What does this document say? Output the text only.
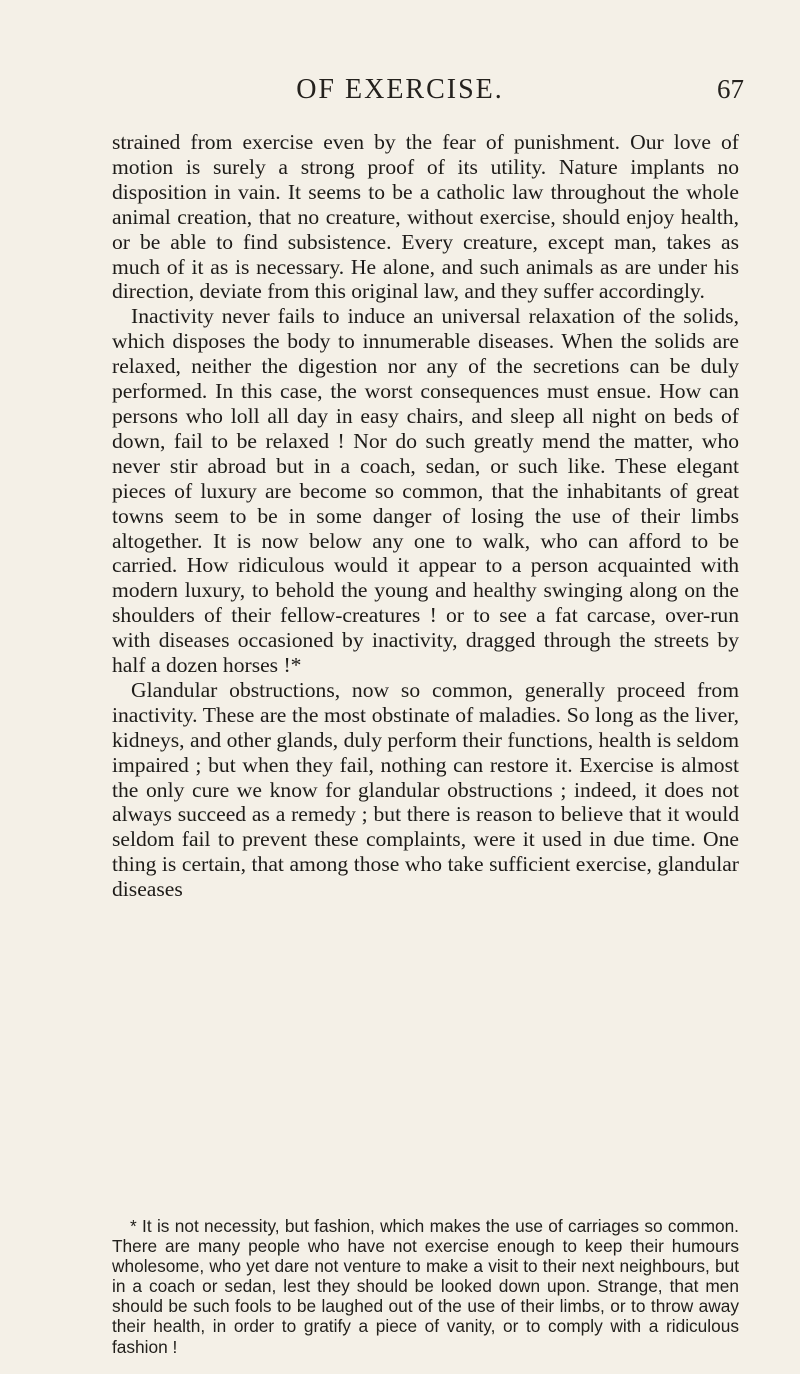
OF EXERCISE.	67

strained from exercise even by the fear of punishment. Our love of motion is surely a strong proof of its utility. Nature implants no disposition in vain. It seems to be a catholic law throughout the whole animal creation, that no creature, without exercise, should enjoy health, or be able to find subsistence. Every creature, except man, takes as much of it as is necessary. He alone, and such animals as are under his direction, deviate from this original law, and they suffer accordingly.

Inactivity never fails to induce an universal relaxation of the solids, which disposes the body to innumerable diseases. When the solids are relaxed, neither the digestion nor any of the secretions can be duly performed. In this case, the worst consequences must ensue. How can persons who loll all day in easy chairs, and sleep all night on beds of down, fail to be relaxed ! Nor do such greatly mend the matter, who never stir abroad but in a coach, sedan, or such like. These elegant pieces of luxury are become so common, that the inhabitants of great towns seem to be in some danger of losing the use of their limbs altogether. It is now below any one to walk, who can afford to be carried. How ridiculous would it appear to a person acquainted with modern luxury, to behold the young and healthy swinging along on the shoulders of their fellow-creatures ! or to see a fat carcase, over-run with diseases occasioned by inactivity, dragged through the streets by half a dozen horses !*

Glandular obstructions, now so common, generally proceed from inactivity. These are the most obstinate of maladies. So long as the liver, kidneys, and other glands, duly perform their functions, health is seldom impaired ; but when they fail, nothing can restore it. Exercise is almost the only cure we know for glandular obstructions ; indeed, it does not always succeed as a remedy ; but there is reason to believe that it would seldom fail to prevent these complaints, were it used in due time. One thing is certain, that among those who take sufficient exercise, glandular diseases

* It is not necessity, but fashion, which makes the use of carriages so common. There are many people who have not exercise enough to keep their humours wholesome, who yet dare not venture to make a visit to their next neighbours, but in a coach or sedan, lest they should be looked down upon. Strange, that men should be such fools to be laughed out of the use of their limbs, or to throw away their health, in order to gratify a piece of vanity, or to comply with a ridiculous fashion !
